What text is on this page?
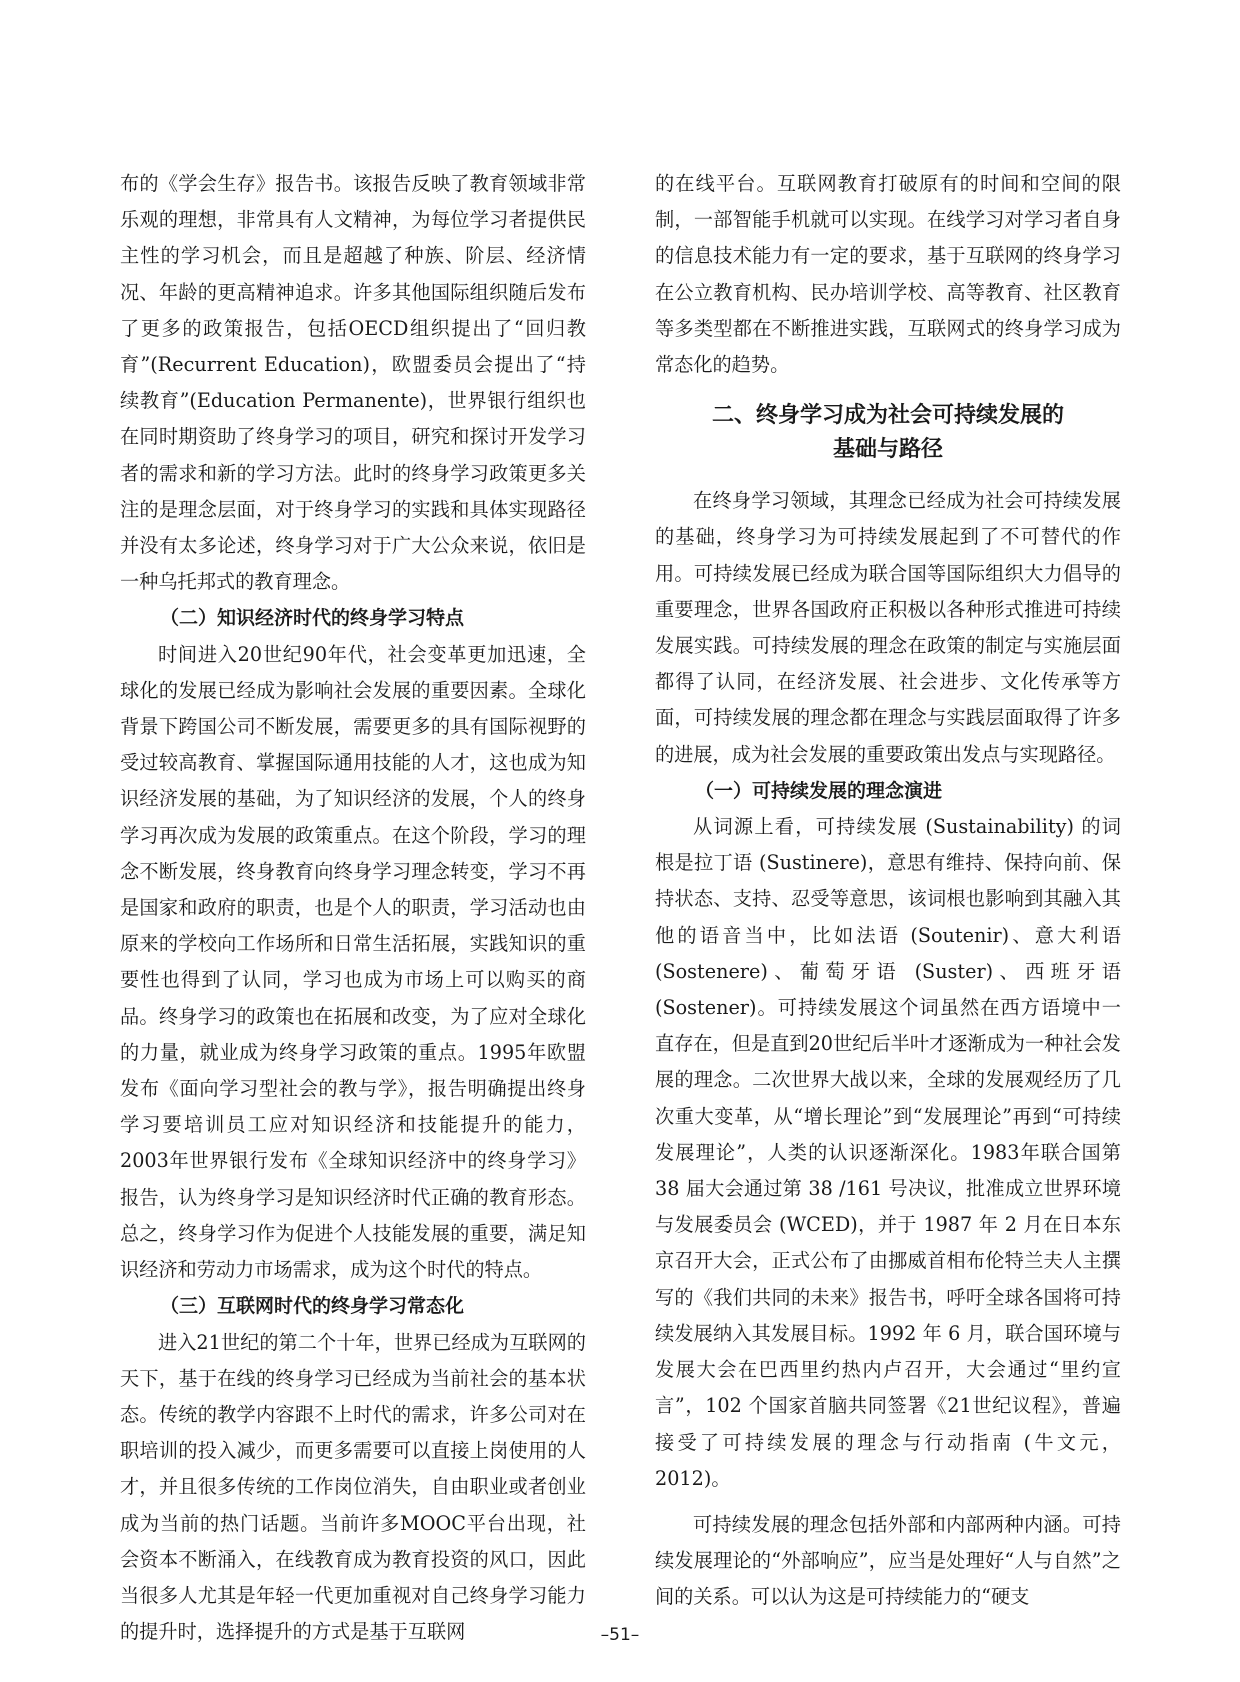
布的《学会生存》报告书。该报告反映了教育领域非常乐观的理想，非常具有人文精神，为每位学习者提供民主性的学习机会，而且是超越了种族、阶层、经济情况、年龄的更高精神追求。许多其他国际组织随后发布了更多的政策报告，包括OECD组织提出了“回归教育”(Recurrent Education)，欧盟委员会提出了“持续教育”(Education Permanente)，世界银行组织也在同时期资助了终身学习的项目，研究和探讨开发学习者的需求和新的学习方法。此时的终身学习政策更多关注的是理念层面，对于终身学习的实践和具体实现路径并没有太多论述，终身学习对于广大公众来说，依旧是一种乌托邦式的教育理念。

（二）知识经济时代的终身学习特点

时间进入20世纪90年代，社会变革更加迅速，全球化的发展已经成为影响社会发展的重要因素。全球化背景下跨国公司不断发展，需要更多的具有国际视野的受过较高教育、掌握国际通用技能的人才，这也成为知识经济发展的基础，为了知识经济的发展，个人的终身学习再次成为发展的政策重点。在这个阶段，学习的理念不断发展，终身教育向终身学习理念转变，学习不再是国家和政府的职责，也是个人的职责，学习活动也由原来的学校向工作场所和日常生活拓展，实践知识的重要性也得到了认同，学习也成为市场上可以购买的商品。终身学习的政策也在拓展和改变，为了应对全球化的力量，就业成为终身学习政策的重点。1995年欧盟发布《面向学习型社会的教与学》，报告明确提出终身学习要培训员工应对知识经济和技能提升的能力，2003年世界银行发布《全球知识经济中的终身学习》报告，认为终身学习是知识经济时代正确的教育形态。总之，终身学习作为促进个人技能发展的重要，满足知识经济和劳动力市场需求，成为这个时代的特点。

（三）互联网时代的终身学习常态化

进入21世纪的第二个十年，世界已经成为互联网的天下，基于在线的终身学习已经成为当前社会的基本状态。传统的教学内容跟不上时代的需求，许多公司对在职培训的投入减少，而更多需要可以直接上岗使用的人才，并且很多传统的工作岗位消失，自由职业或者创业成为当前的热门话题。当前许多MOOC平台出现，社会资本不断涌入，在线教育成为教育投资的风口，因此当很多人尤其是年轻一代更加重视对自己终身学习能力的提升时，选择提升的方式是基于互联网

的在线平台。互联网教育打破原有的时间和空间的限制，一部智能手机就可以实现。在线学习对学习者自身的信息技术能力有一定的要求，基于互联网的终身学习在公立教育机构、民办培训学校、高等教育、社区教育等多类型都在不断推进实践，互联网式的终身学习成为常态化的趋势。

二、终身学习成为社会可持续发展的
基础与路径

在终身学习领域，其理念已经成为社会可持续发展的基础，终身学习为可持续发展起到了不可替代的作用。可持续发展已经成为联合国等国际组织大力倡导的重要理念，世界各国政府正积极以各种形式推进可持续发展实践。可持续发展的理念在政策的制定与实施层面都得了认同，在经济发展、社会进步、文化传承等方面，可持续发展的理念都在理念与实践层面取得了许多的进展，成为社会发展的重要政策出发点与实现路径。

（一）可持续发展的理念演进

从词源上看，可持续发展 (Sustainability) 的词根是拉丁语 (Sustinere)，意思有维持、保持向前、保持状态、支持、忍受等意思，该词根也影响到其融入其他的语音当中，比如法语 (Soutenir)、意大利语 (Sostenere)、葡萄牙语 (Suster)、西班牙语 (Sostener)。可持续发展这个词虽然在西方语境中一直存在，但是直到20世纪后半叶才逐渐成为一种社会发展的理念。二次世界大战以来，全球的发展观经历了几次重大变革，从“增长理论”到“发展理论”再到“可持续发展理论”，人类的认识逐渐深化。1983年联合国第 38 届大会通过第 38 /161 号决议，批准成立世界环境与发展委员会 (WCED)，并于 1987 年 2 月在日本东京召开大会，正式公布了由挪威首相布伦特兰夫人主撰写的《我们共同的未来》报告书，呼吁全球各国将可持续发展纳入其发展目标。1992 年 6 月，联合国环境与发展大会在巴西里约热内卢召开，大会通过“里约宣言”，102 个国家首脑共同签署《21世纪议程》，普遍接受了可持续发展的理念与行动指南 (牛文元，2012)。

可持续发展的理念包括外部和内部两种内涵。可持续发展理论的“外部响应”，应当是处理好“人与自然”之间的关系。可以认为这是可持续能力的“硬支

–51–
